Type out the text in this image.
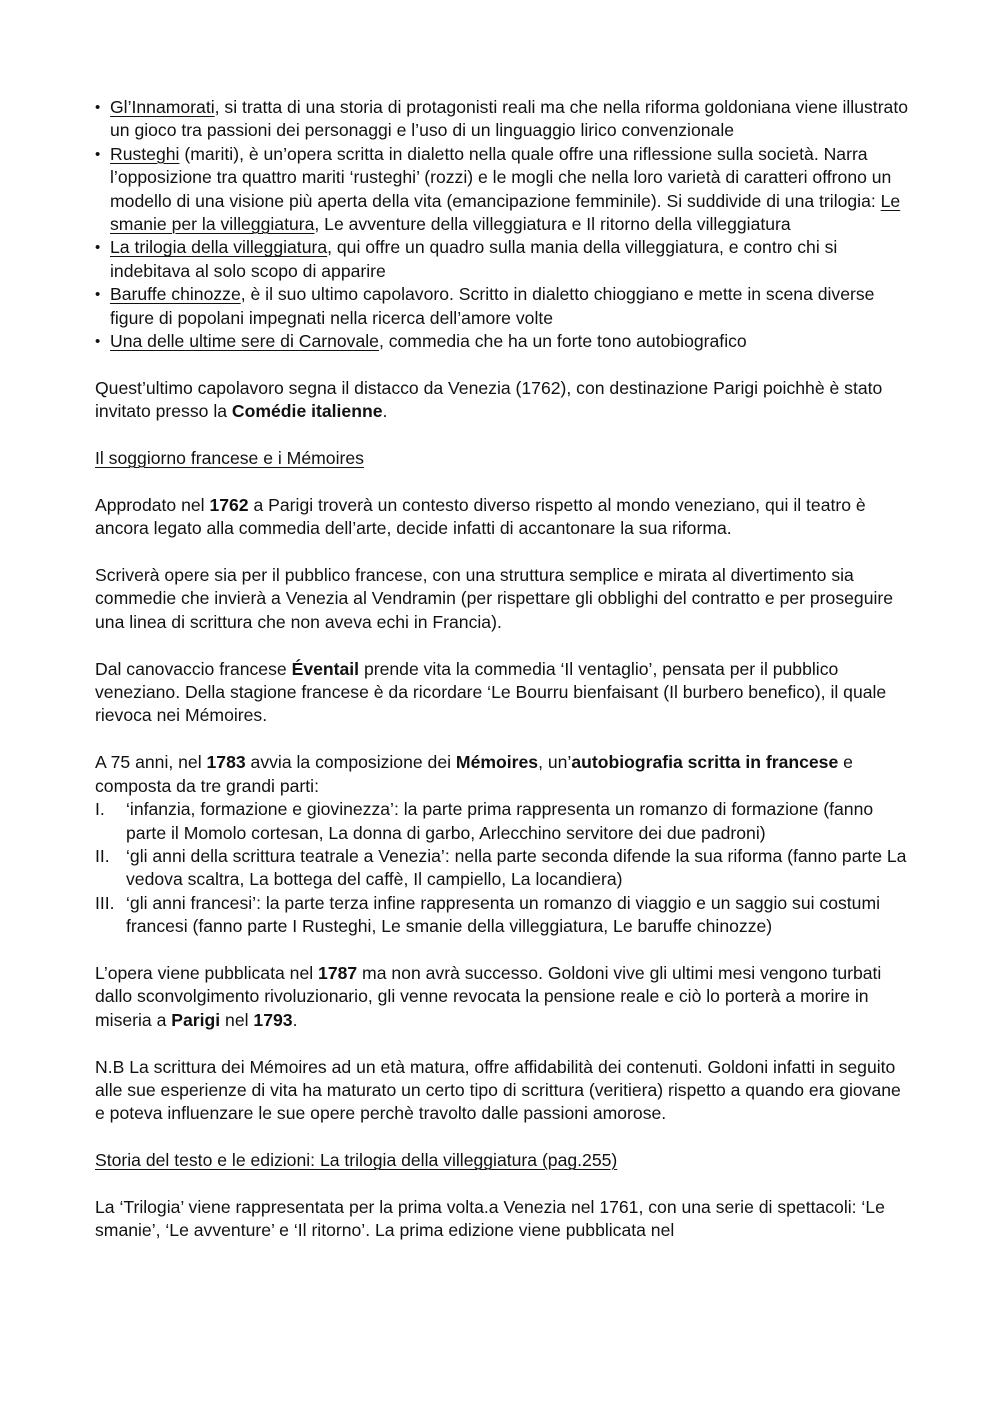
• Gl’Innamorati, si tratta di una storia di protagonisti reali ma che nella riforma goldoniana viene illustrato un gioco tra passioni dei personaggi e l’uso di un linguaggio lirico convenzionale
• Rusteghi (mariti), è un’opera scritta in dialetto nella quale offre una riflessione sulla società. Narra l’opposizione tra quattro mariti ‘rusteghi’ (rozzi) e le mogli che nella loro varietà di caratteri offrono un modello di una visione più aperta della vita (emancipazione femminile). Si suddivide di una trilogia: Le smanie per la villeggiatura, Le avventure della villeggiatura e Il ritorno della villeggiatura
• La trilogia della villeggiatura, qui offre un quadro sulla mania della villeggiatura, e contro chi si indebitava al solo scopo di apparire
• Baruffe chinozze, è il suo ultimo capolavoro. Scritto in dialetto chioggiano e mette in scena diverse figure di popolani impegnati nella ricerca dell’amore volte
• Una delle ultime sere di Carnovale, commedia che ha un forte tono autobiografico

Quest’ultimo capolavoro segna il distacco da Venezia (1762), con destinazione Parigi poichhè è stato invitato presso la Comédie italienne.

Il soggiorno francese e i Mémoires

Approdato nel 1762 a Parigi troverà un contesto diverso rispetto al mondo veneziano, qui il teatro è ancora legato alla commedia dell’arte, decide infatti di accantonare la sua riforma.

Scriverà opere sia per il pubblico francese, con una struttura semplice e mirata al divertimento sia commedie che invierà a Venezia al Vendramin (per rispettare gli obblighi del contratto e per proseguire una linea di scrittura che non aveva echi in Francia).

Dal canovaccio francese Éventail prende vita la commedia ‘Il ventaglio’, pensata per il pubblico veneziano. Della stagione francese è da ricordare ‘Le Bourru bienfaisant (Il burbero benefico), il quale rievoca nei Mémoires.

A 75 anni, nel 1783 avvia la composizione dei Mémoires, un’autobiografia scritta in francese e composta da tre grandi parti:

I. ‘infanzia, formazione e giovinezza’: la parte prima rappresenta un romanzo di formazione (fanno parte il Momolo cortesan, La donna di garbo, Arlecchino servitore dei due padroni)
II. ‘gli anni della scrittura teatrale a Venezia’: nella parte seconda difende la sua riforma (fanno parte La vedova scaltra, La bottega del caffè, Il campiello, La locandiera)
III. ‘gli anni francesi’: la parte terza infine rappresenta un romanzo di viaggio e un saggio sui costumi francesi (fanno parte I Rusteghi, Le smanie della villeggiatura, Le baruffe chinozze)

L’opera viene pubblicata nel 1787 ma non avrà successo. Goldoni vive gli ultimi mesi vengono turbati dallo sconvolgimento rivoluzionario, gli venne revocata la pensione reale e ciò lo porterà a morire in miseria a Parigi nel 1793.

N.B La scrittura dei Mémoires ad un età matura, offre affidabilità dei contenuti. Goldoni infatti in seguito alle sue esperienze di vita ha maturato un certo tipo di scrittura (veritiera) rispetto a quando era giovane e poteva influenzare le sue opere perchè travolto dalle passioni amorose.

Storia del testo e le edizioni: La trilogia della villeggiatura (pag.255)

La ‘Trilogia’ viene rappresentata per la prima volta.a Venezia nel 1761, con una serie di spettacoli: ‘Le smanie’, ‘Le avventure’ e ‘Il ritorno’. La prima edizione viene pubblicata nel
